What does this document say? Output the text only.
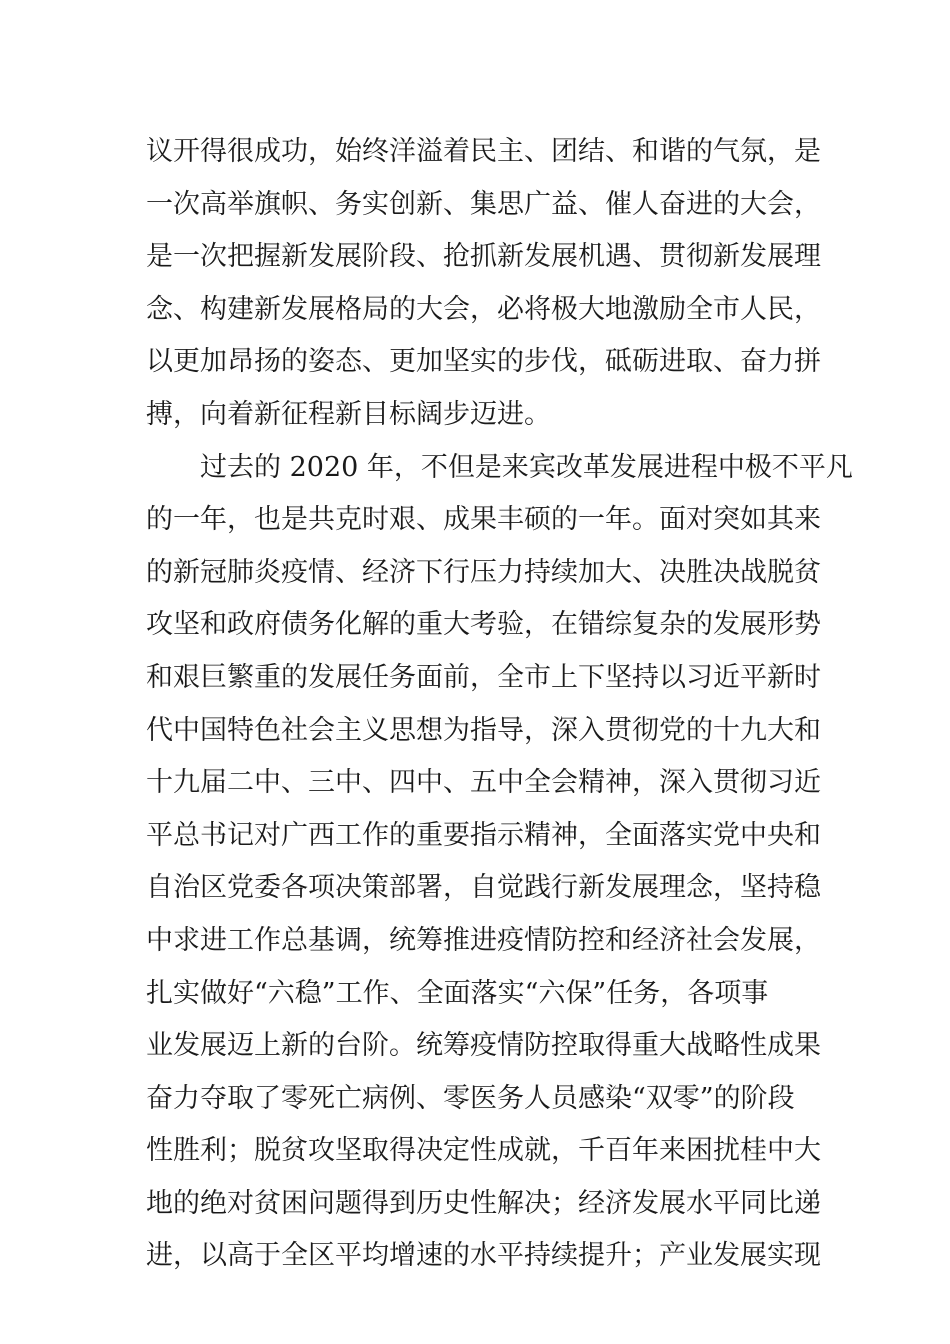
议开得很成功，始终洋溢着民主、团结、和谐的气氛，是
一次高举旗帜、务实创新、集思广益、催人奋进的大会，
是一次把握新发展阶段、抢抓新发展机遇、贯彻新发展理
念、构建新发展格局的大会，必将极大地激励全市人民，
以更加昂扬的姿态、更加坚实的步伐，砥砺进取、奋力拼
搏，向着新征程新目标阔步迈进。
过去的 2020 年，不但是来宾改革发展进程中极不平凡
的一年，也是共克时艰、成果丰硕的一年。面对突如其来
的新冠肺炎疫情、经济下行压力持续加大、决胜决战脱贫
攻坚和政府债务化解的重大考验，在错综复杂的发展形势
和艰巨繁重的发展任务面前，全市上下坚持以习近平新时
代中国特色社会主义思想为指导，深入贯彻党的十九大和
十九届二中、三中、四中、五中全会精神，深入贯彻习近
平总书记对广西工作的重要指示精神，全面落实党中央和
自治区党委各项决策部署，自觉践行新发展理念，坚持稳
中求进工作总基调，统筹推进疫情防控和经济社会发展，
扎实做好“六稳”工作、全面落实“六保”任务，各项事
业发展迈上新的台阶。统筹疫情防控取得重大战略性成果
奋力夺取了零死亡病例、零医务人员感染“双零”的阶段
性胜利；脱贫攻坚取得决定性成就，千百年来困扰桂中大
地的绝对贫困问题得到历史性解决；经济发展水平同比递
进，以高于全区平均增速的水平持续提升；产业发展实现
